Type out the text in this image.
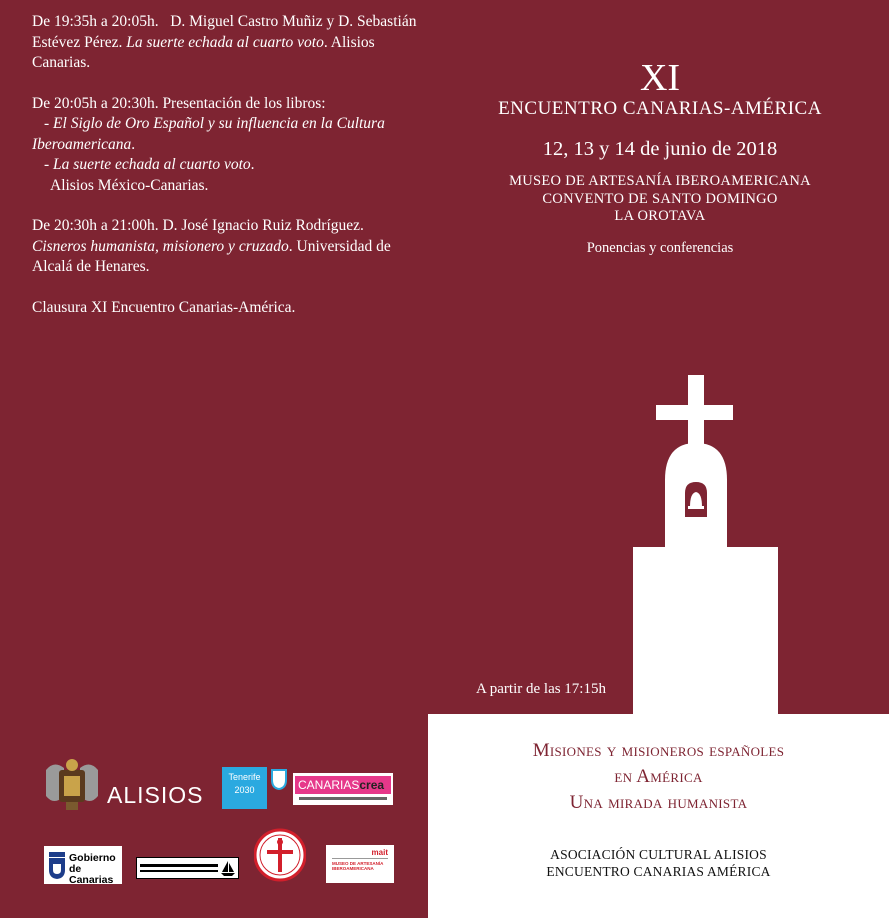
De 19:35h a 20:05h. D. Miguel Castro Muñiz y D. Sebastián Estévez Pérez. La suerte echada al cuarto voto. Alisios Canarias.

De 20:05h a 20:30h. Presentación de los libros:
- El Siglo de Oro Español y su influencia en la Cultura Iberoamericana.
- La suerte echada al cuarto voto.
Alisios México-Canarias.

De 20:30h a 21:00h. D. José Ignacio Ruiz Rodríguez. Cisneros humanista, misionero y cruzado. Universidad de Alcalá de Henares.

Clausura XI Encuentro Canarias-América.

XI
ENCUENTRO CANARIAS-AMÉRICA
12, 13 y 14 de junio de 2018
MUSEO DE ARTESANÍA IBEROAMERICANA
CONVENTO DE SANTO DOMINGO
LA OROTAVA
Ponencias y conferencias
A partir de las 17:15h
Misiones y misioneros españoles
en América
Una mirada humanista
ASOCIACIÓN CULTURAL ALISIOS
ENCUENTRO CANARIAS AMÉRICA
ALISIOS
Tenerife 2030	CANARIAScrea
Gobierno
de Canarias
mait
MUSEO DE ARTESANÍA
IBEROAMERICANA
